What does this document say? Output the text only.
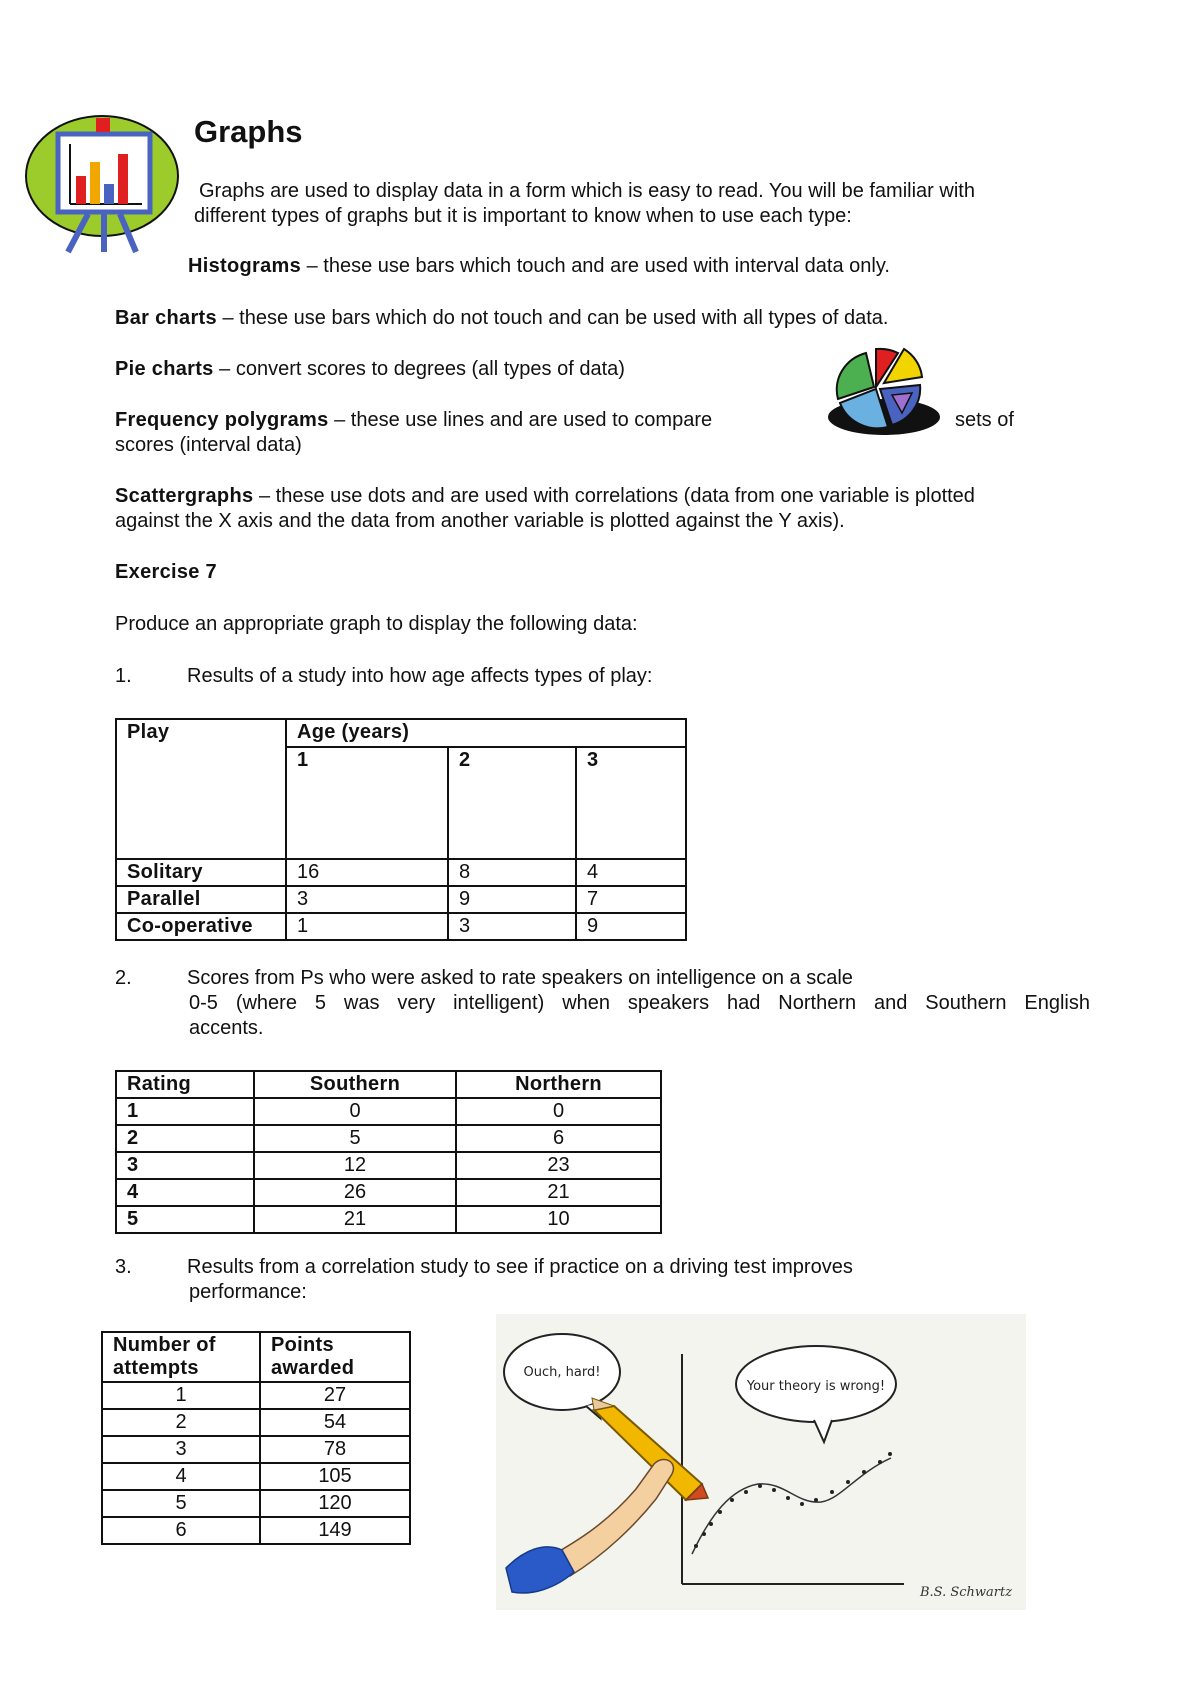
Graphs
Graphs are used to display data in a form which is easy to read. You will be familiar with
different types of graphs but it is important to know when to use each type:
Histograms – these use bars which touch and are used with interval data only.
Bar charts – these use bars which do not touch and can be used with all types of data.
Pie charts – convert scores to degrees (all types of data)
Frequency polygrams – these use lines and are used to compare	sets of
scores (interval data)
Scattergraphs – these use dots and are used with correlations (data from one variable is plotted
against the X axis and the data from another variable is plotted against the Y axis).
Exercise 7
Produce an appropriate graph to display the following data:
1.	Results of a study into how age affects types of play:
Play	Age (years)		
	1	2	3
Solitary	16	8	4
Parallel	3	9	7
Co-operative	1	3	9
2.	Scores from Ps who were asked to rate speakers on intelligence on a scale
0-5 (where 5 was very intelligent) when speakers had Northern and Southern English
accents.
Rating	Southern	Northern
1	0	0
2	5	6
3	12	23
4	26	21
5	21	10
3.	Results from a correlation study to see if practice on a driving test improves
performance:
Number of attempts	Points awarded
1	27
2	54
3	78
4	105
5	120
6	149
Your theory is wrong!
Ouch, hard!
B.S. Schwartz
